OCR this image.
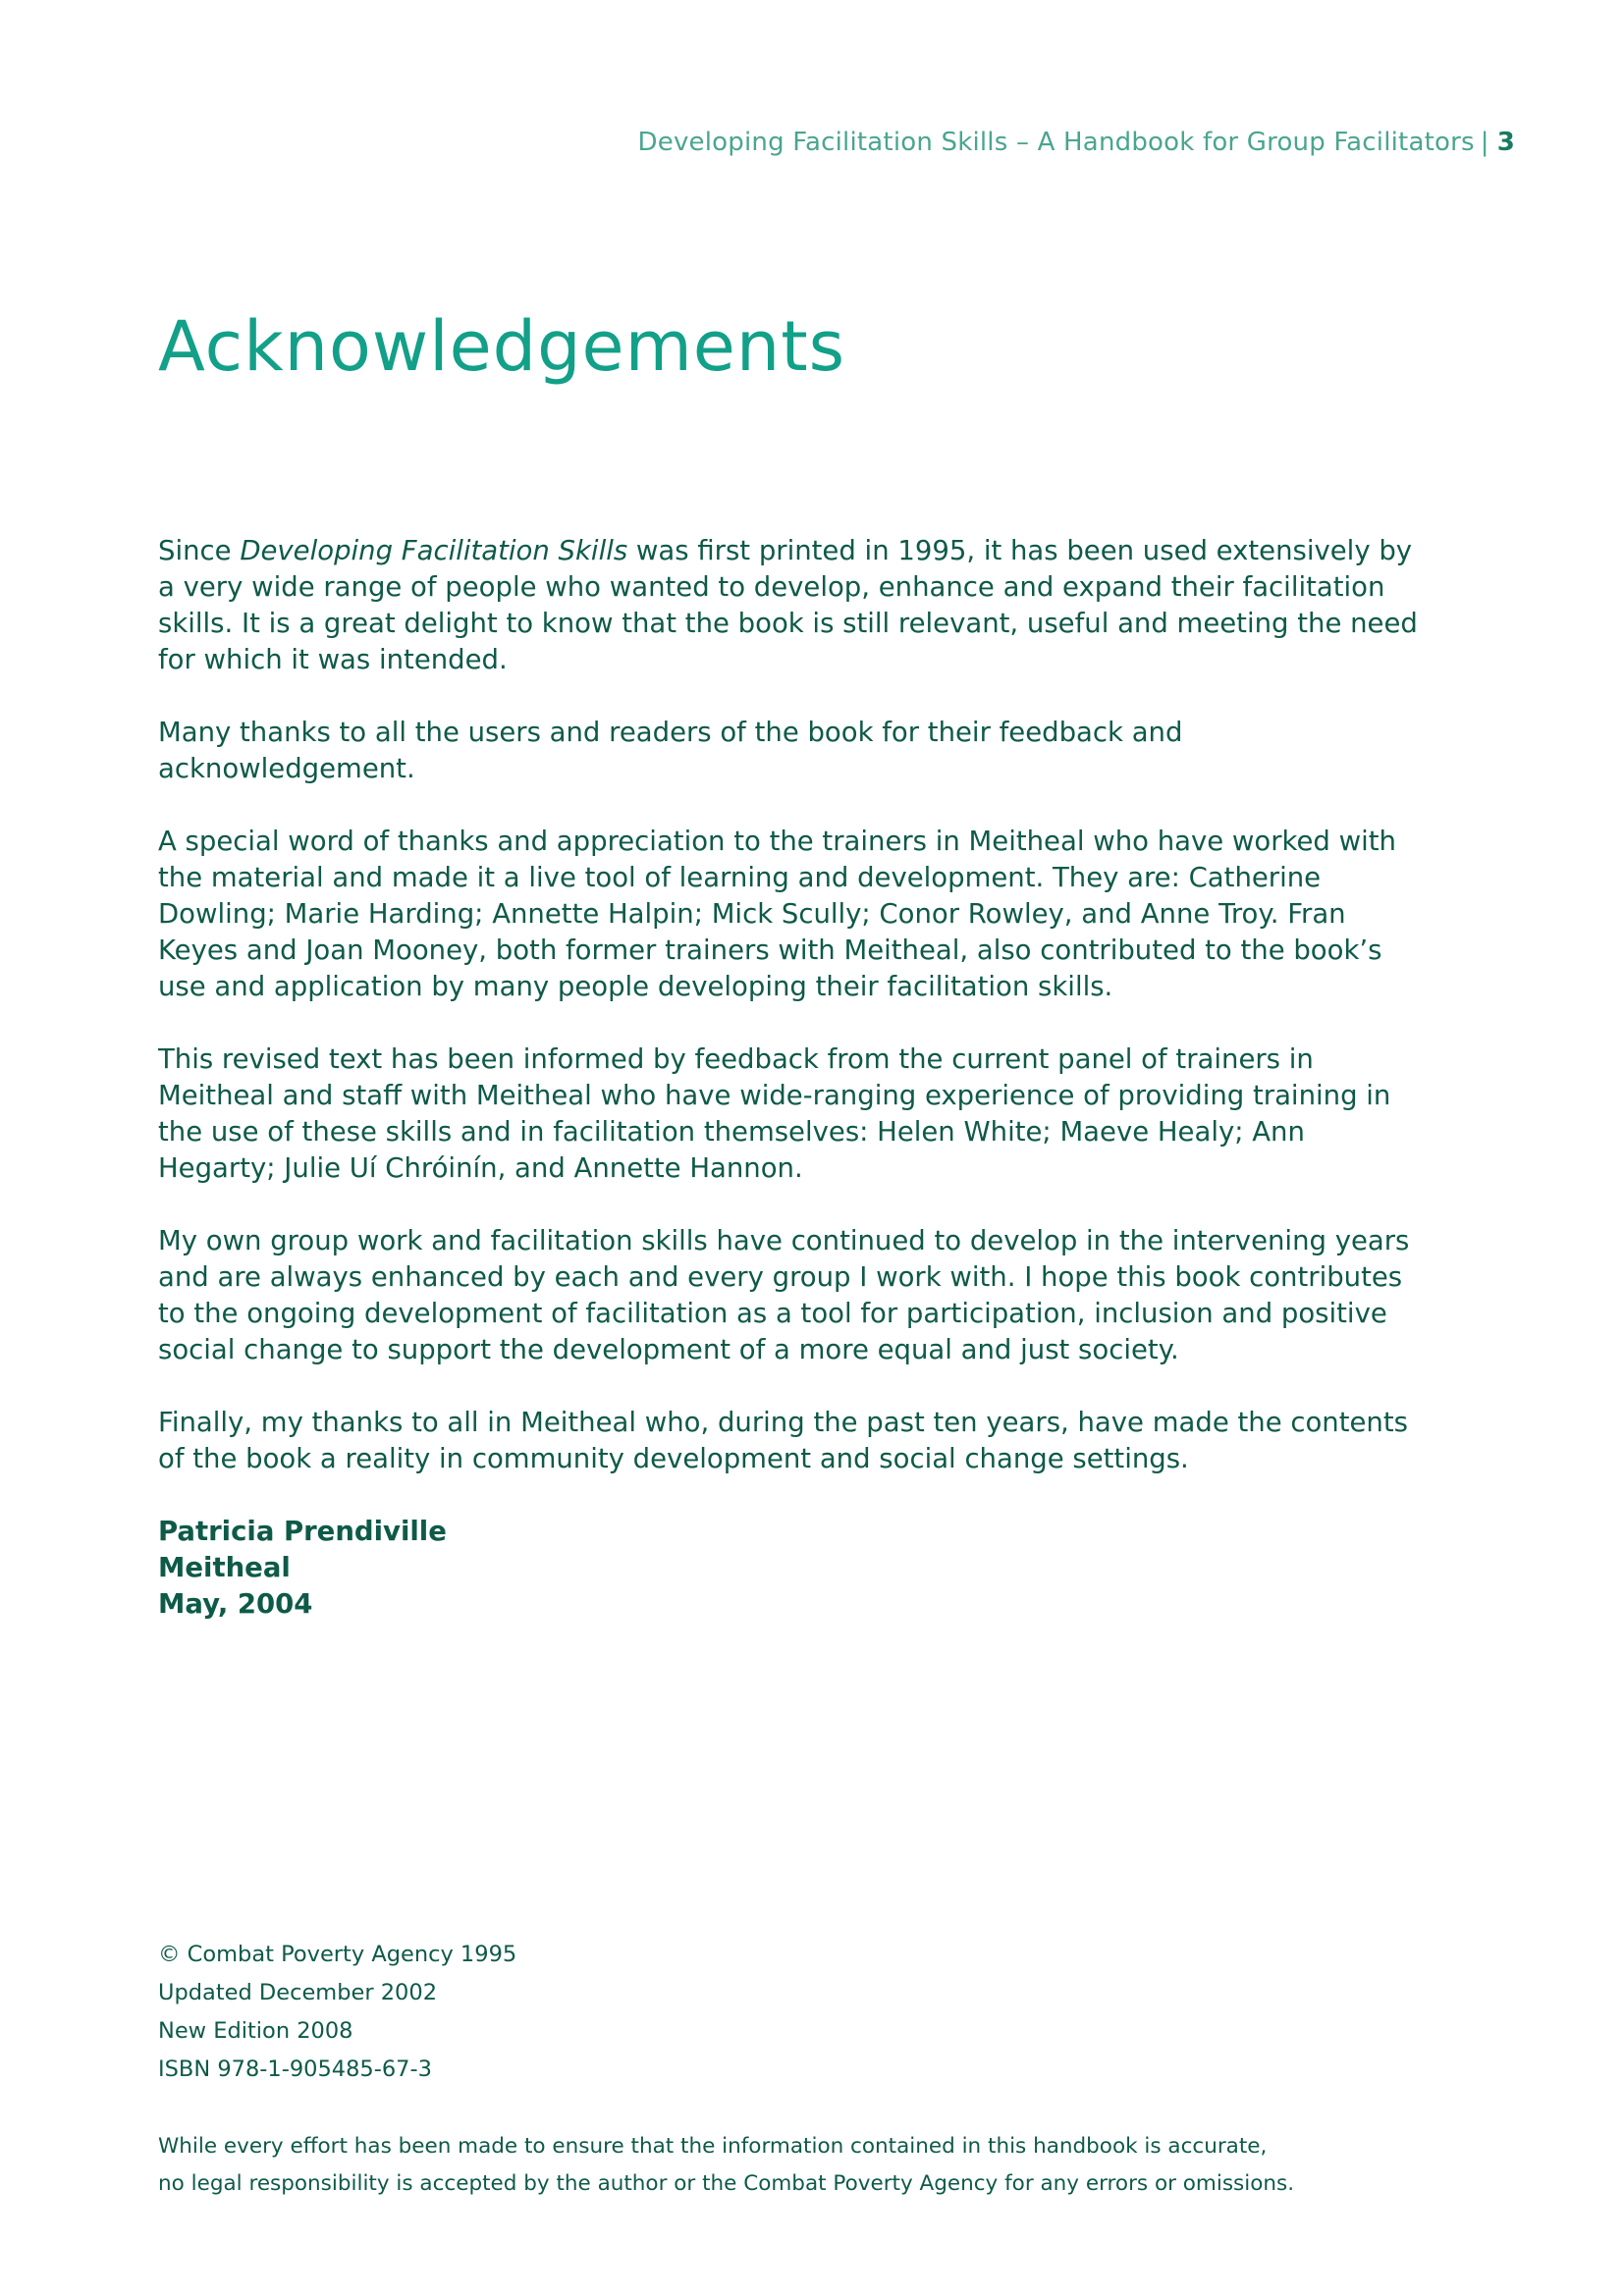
Developing Facilitation Skills – A Handbook for Group Facilitators | 3
Acknowledgements

Since Developing Facilitation Skills was first printed in 1995, it has been used extensively by a very wide range of people who wanted to develop, enhance and expand their facilitation skills. It is a great delight to know that the book is still relevant, useful and meeting the need for which it was intended.

Many thanks to all the users and readers of the book for their feedback and acknowledgement.

A special word of thanks and appreciation to the trainers in Meitheal who have worked with the material and made it a live tool of learning and development. They are: Catherine Dowling; Marie Harding; Annette Halpin; Mick Scully; Conor Rowley, and Anne Troy. Fran Keyes and Joan Mooney, both former trainers with Meitheal, also contributed to the book’s use and application by many people developing their facilitation skills.

This revised text has been informed by feedback from the current panel of trainers in Meitheal and staff with Meitheal who have wide-ranging experience of providing training in the use of these skills and in facilitation themselves: Helen White; Maeve Healy; Ann Hegarty; Julie Uí Chróinín, and Annette Hannon.

My own group work and facilitation skills have continued to develop in the intervening years and are always enhanced by each and every group I work with. I hope this book contributes to the ongoing development of facilitation as a tool for participation, inclusion and positive social change to support the development of a more equal and just society.

Finally, my thanks to all in Meitheal who, during the past ten years, have made the contents of the book a reality in community development and social change settings.

Patricia Prendiville
Meitheal
May, 2004
© Combat Poverty Agency 1995
Updated December 2002
New Edition 2008
ISBN 978-1-905485-67-3
While every effort has been made to ensure that the information contained in this handbook is accurate,
no legal responsibility is accepted by the author or the Combat Poverty Agency for any errors or omissions.
